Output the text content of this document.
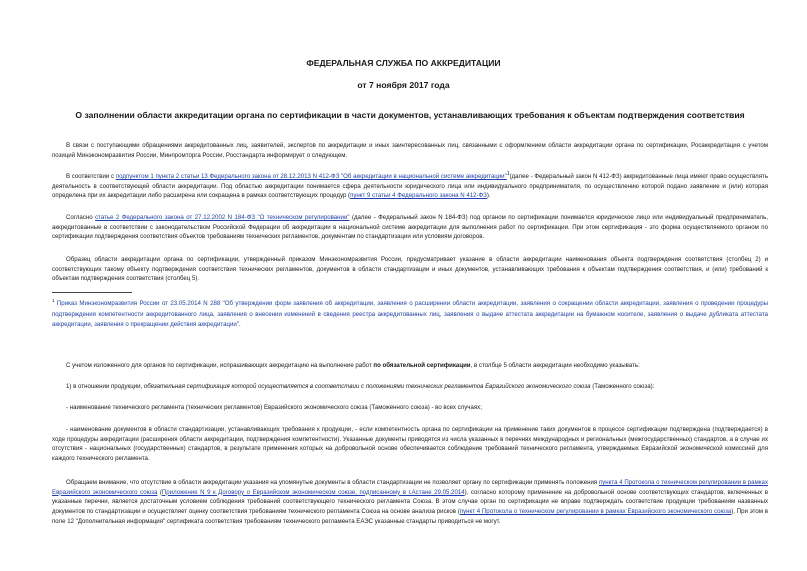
ФЕДЕРАЛЬНАЯ СЛУЖБА ПО АККРЕДИТАЦИИ
от 7 ноября 2017 года
О заполнении области аккредитации органа по сертификации в части документов, устанавливающих требования к объектам подтверждения соответствия

В связи с поступающими обращениями аккредитованных лиц, заявителей, экспертов по аккредитации и иных заинтересованных лиц, связанными с оформлением области аккредитации органа по сертификации, Росаккредитация с учетом позиций Минэкономразвития России, Минпромторга России, Росстандарта информирует о следующем.

В соответствии с подпунктом 1 пункта 2 статьи 13 Федерального закона от 28.12.2013 N 412-ФЗ "Об аккредитации в национальной системе аккредитации"$^1$(далее - Федеральный закон N 412-ФЗ) аккредитованные лица имеют право осуществлять деятельность в соответствующей области аккредитации. Под областью аккредитации понимается сфера деятельности юридического лица или индивидуального предпринимателя, по осуществлению которой подано заявление и (или) которая определена при их аккредитации либо расширена или сокращена в рамках соответствующих процедур (пункт 9 статьи 4 Федерального закона N 412-ФЗ).

Согласно статье 2 Федерального закона от 27.12.2002 N 184-ФЗ "О техническом регулировании" (далее - Федеральный закон N 184-ФЗ) под органом по сертификации понимается юридическое лицо или индивидуальный предприниматель, аккредитованные в соответствии с законодательством Российской Федерации об аккредитации в национальной системе аккредитации для выполнения работ по сертификации. При этом сертификация - это форма осуществляемого органом по сертификации подтверждения соответствия объектов требованиям технических регламентов, документам по стандартизации или условиям договоров.

Образец области аккредитации органа по сертификации, утвержденный приказом Минэкономразвития России, предусматривает указание в области аккредитации наименования объекта подтверждения соответствия (столбец 2) и соответствующих такому объекту подтверждения соответствия технических регламентов, документов в области стандартизации и иных документов, устанавливающих требования к объектам подтверждения соответствия, и (или) требований к объектам подтверждения соответствия (столбец 5).

$^1$ Приказ Минэкономразвития России от 23.05.2014 N 288 "Об утверждении форм заявления об аккредитации, заявления о расширении области аккредитации, заявления о сокращении области аккредитации, заявления о проведении процедуры подтверждения компетентности аккредитованного лица, заявления о внесении изменений в сведения реестра аккредитованных лиц, заявления о выдаче аттестата аккредитации на бумажном носителе, заявления о выдаче дубликата аттестата аккредитации, заявления о прекращении действия аккредитации".

С учетом изложенного для органов по сертификации, испрашивающих аккредитацию на выполнение работ по обязательной сертификации, в столбце 5 области аккредитации необходимо указывать:

1) в отношении продукции, обязательная сертификация которой осуществляется в соответствии с положениями технических регламентов Евразийского экономического союза (Таможенного союза):

- наименование технического регламента (технических регламентов) Евразийского экономического союза (Таможенного союза) - во всех случаях;

- наименование документов в области стандартизации, устанавливающих требования к продукции, - если компетентность органа по сертификации на применение таких документов в процессе сертификации подтверждена (подтверждается) в ходе процедуры аккредитации (расширения области аккредитации, подтверждения компетентности). Указанные документы приводятся из числа указанных в перечнях международных и региональных (межгосударственных) стандартов, а в случае их отсутствия - национальных (государственных) стандартов, в результате применения которых на добровольной основе обеспечивается соблюдение требований технического регламента, утверждаемых Евразийской экономической комиссией для каждого технического регламента.

Обращаем внимание, что отсутствие в области аккредитации указания на упомянутые документы в области стандартизации не позволяет органу по сертификации применять положения пункта 4 Протокола о техническом регулировании в рамках Евразийского экономического союза (Приложение N 9 к Договору о Евразийском экономическом союзе, подписанному в г.Астане 29.05.2014), согласно которому применение на добровольной основе соответствующих стандартов, включенных в указанные перечни, является достаточным условием соблюдения требований соответствующего технического регламента Союза. В этом случае орган по сертификации не вправе подтверждать соответствие продукции требованиям названных документов по стандартизации и осуществляет оценку соответствия требованиям технического регламента Союза на основе анализа рисков (пункт 4 Протокола о техническом регулировании в рамках Евразийского экономического союза). При этом в поле 12 "Дополнительная информация" сертификата соответствия требованиям технического регламента ЕАЭС указанные стандарты приводиться не могут.
